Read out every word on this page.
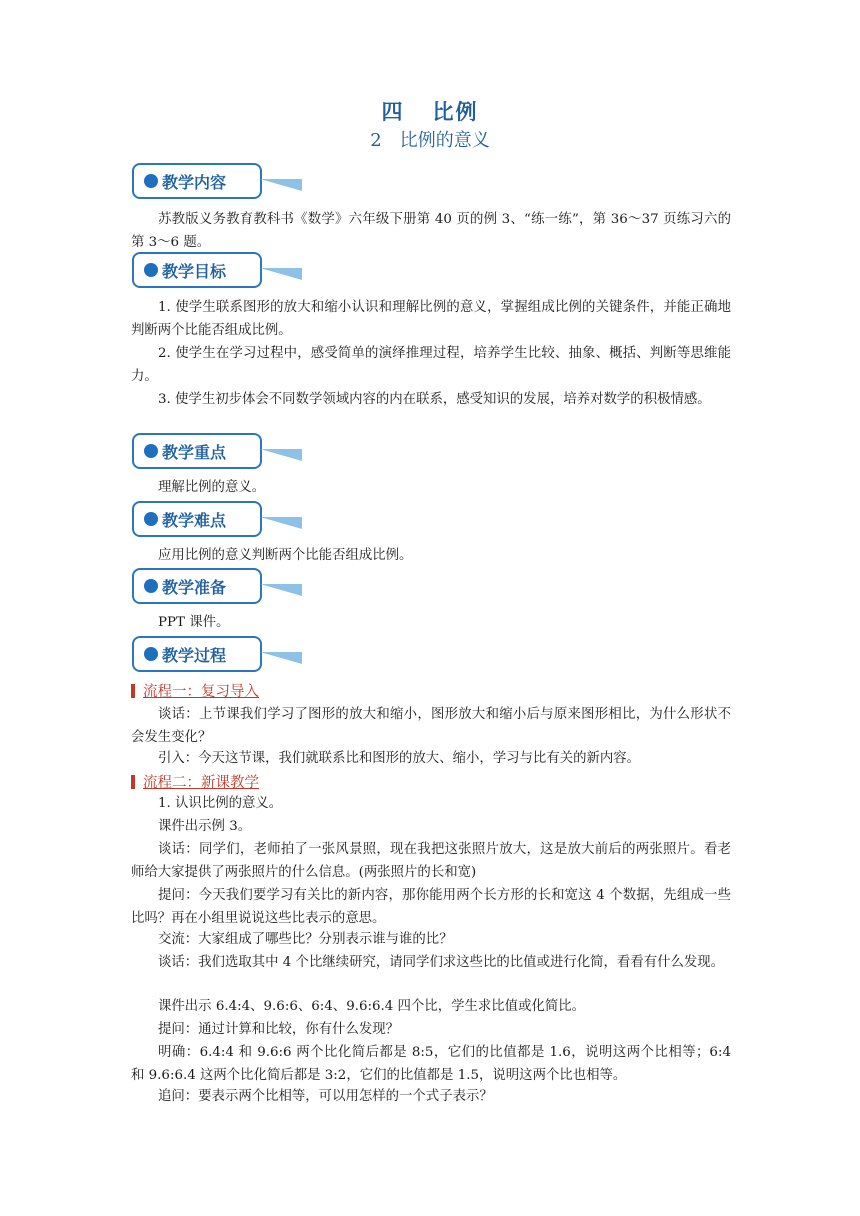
四 比例
2 比例的意义
教学内容
苏教版义务教育教科书《数学》六年级下册第 40 页的例 3、“练一练”，第 36～37 页练习六的第 3～6 题。
教学目标
1. 使学生联系图形的放大和缩小认识和理解比例的意义，掌握组成比例的关键条件，并能正确地判断两个比能否组成比例。
2. 使学生在学习过程中，感受简单的演绎推理过程，培养学生比较、抽象、概括、判断等思维能力。
3. 使学生初步体会不同数学领域内容的内在联系，感受知识的发展，培养对数学的积极情感。
教学重点
理解比例的意义。
教学难点
应用比例的意义判断两个比能否组成比例。
教学准备
PPT 课件。
教学过程
流程一：复习导入
谈话：上节课我们学习了图形的放大和缩小，图形放大和缩小后与原来图形相比，为什么形状不会发生变化？
引入：今天这节课，我们就联系比和图形的放大、缩小，学习与比有关的新内容。
流程二：新课教学
1. 认识比例的意义。
课件出示例 3。
谈话：同学们，老师拍了一张风景照，现在我把这张照片放大，这是放大前后的两张照片。看老师给大家提供了两张照片的什么信息。(两张照片的长和宽)
提问：今天我们要学习有关比的新内容，那你能用两个长方形的长和宽这 4 个数据，先组成一些比吗？再在小组里说说这些比表示的意思。
交流：大家组成了哪些比？分别表示谁与谁的比？
谈话：我们选取其中 4 个比继续研究，请同学们求这些比的比值或进行化简，看看有什么发现。
课件出示 6.4:4、9.6:6、6:4、9.6:6.4 四个比，学生求比值或化简比。
提问：通过计算和比较，你有什么发现？
明确：6.4:4 和 9.6:6 两个比化简后都是 8:5，它们的比值都是 1.6，说明这两个比相等；6:4 和 9.6:6.4 这两个比化简后都是 3:2，它们的比值都是 1.5，说明这两个比也相等。
追问：要表示两个比相等，可以用怎样的一个式子表示？
